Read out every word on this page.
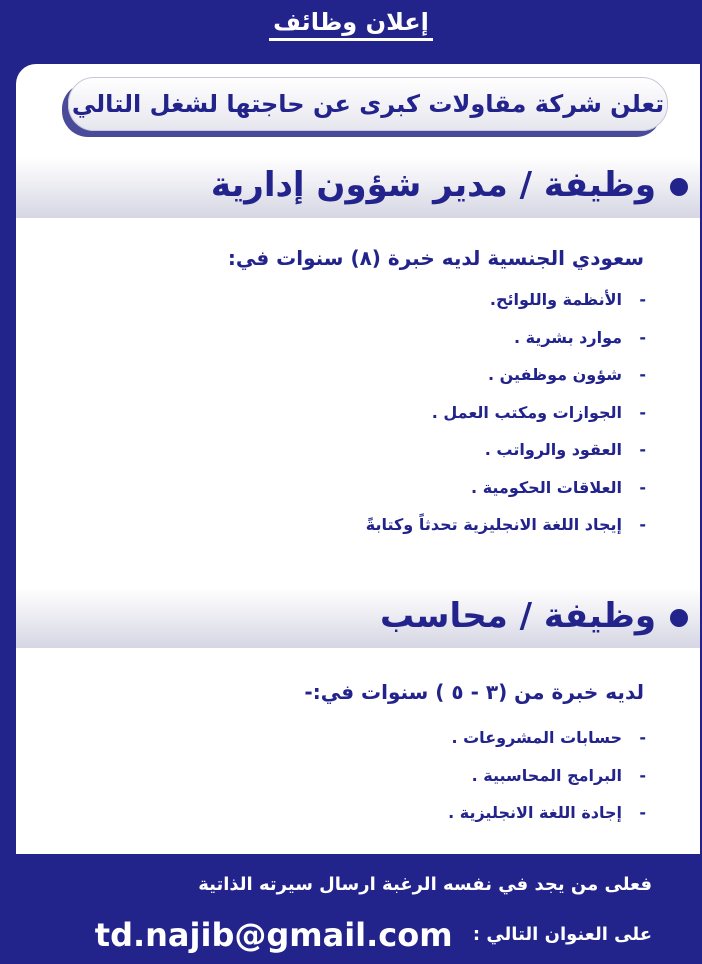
إعلان وظائف
تعلن شركة مقاولات كبرى عن حاجتها لشغل التالي
وظيفة / مدير شؤون إدارية
سعودي الجنسية لديه خبرة (٨) سنوات في:
-الأنظمة واللوائح.
-موارد بشرية .
-شؤون موظفين .
-الجوازات ومكتب العمل .
-العقود والرواتب .
-العلاقات الحكومية .
-إيجاد اللغة الانجليزية تحدثاً وكتابةً
وظيفة / محاسب
لديه خبرة من (٣ - ٥ ) سنوات في:-
-حسابات المشروعات .
-البرامج المحاسبية .
-إجادة اللغة الانجليزية .
فعلى من يجد في نفسه الرغبة ارسال سيرته الذاتية
على العنوان التالي : td.najib@gmail.com
